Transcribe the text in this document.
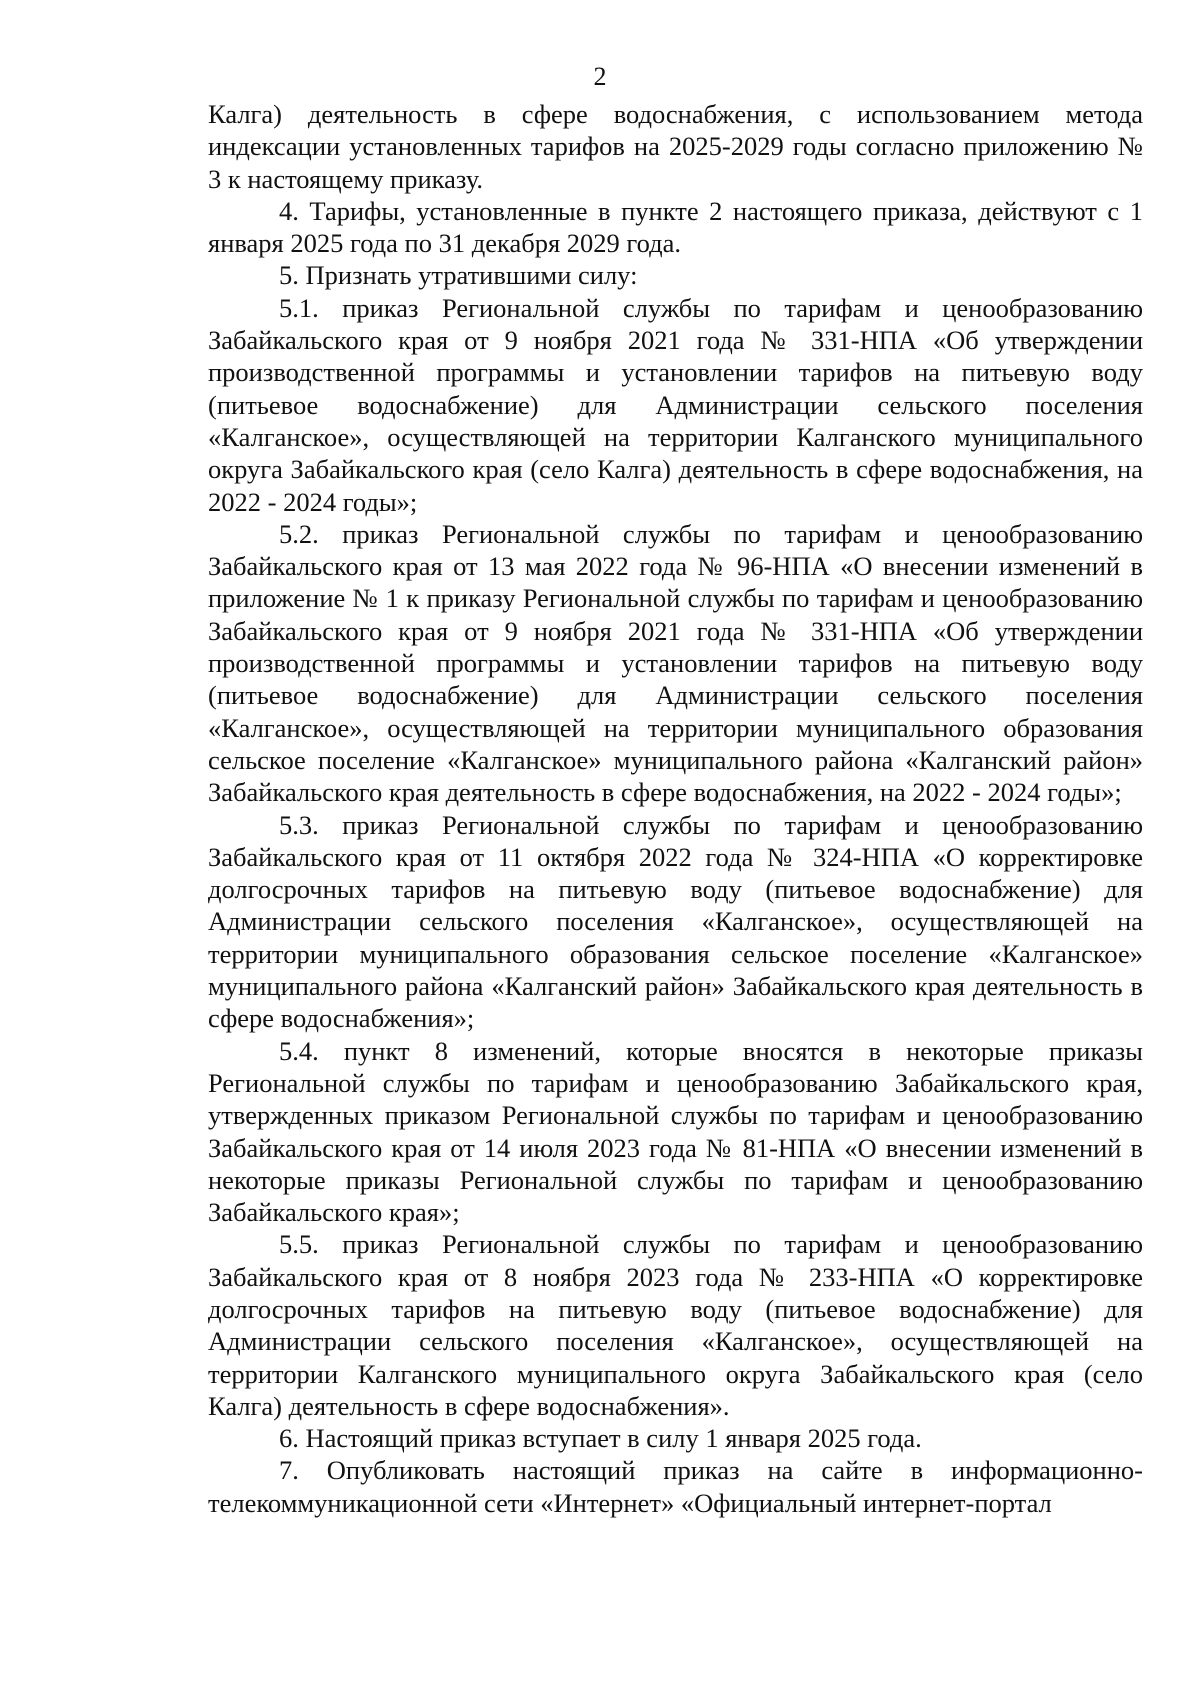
2

Калга) деятельность в сфере водоснабжения, с использованием метода индексации установленных тарифов на 2025-2029 годы согласно приложению № 3 к настоящему приказу.

4. Тарифы, установленные в пункте 2 настоящего приказа, действуют с 1 января 2025 года по 31 декабря 2029 года.

5. Признать утратившими силу:

5.1. приказ Региональной службы по тарифам и ценообразованию Забайкальского края от 9 ноября 2021 года № 331-НПА «Об утверждении производственной программы и установлении тарифов на питьевую воду (питьевое водоснабжение) для Администрации сельского поселения «Калганское», осуществляющей на территории Калганского муниципального округа Забайкальского края (село Калга) деятельность в сфере водоснабжения, на 2022 - 2024 годы»;

5.2. приказ Региональной службы по тарифам и ценообразованию Забайкальского края от 13 мая 2022 года № 96-НПА «О внесении изменений в приложение № 1 к приказу Региональной службы по тарифам и ценообразованию Забайкальского края от 9 ноября 2021 года № 331-НПА «Об утверждении производственной программы и установлении тарифов на питьевую воду (питьевое водоснабжение) для Администрации сельского поселения «Калганское», осуществляющей на территории муниципального образования сельское поселение «Калганское» муниципального района «Калганский район» Забайкальского края деятельность в сфере водоснабжения, на 2022 - 2024 годы»;

5.3. приказ Региональной службы по тарифам и ценообразованию Забайкальского края от 11 октября 2022 года № 324-НПА «О корректировке долгосрочных тарифов на питьевую воду (питьевое водоснабжение) для Администрации сельского поселения «Калганское», осуществляющей на территории муниципального образования сельское поселение «Калганское» муниципального района «Калганский район» Забайкальского края деятельность в сфере водоснабжения»;

5.4. пункт 8 изменений, которые вносятся в некоторые приказы Региональной службы по тарифам и ценообразованию Забайкальского края, утвержденных приказом Региональной службы по тарифам и ценообразованию Забайкальского края от 14 июля 2023 года № 81-НПА «О внесении изменений в некоторые приказы Региональной службы по тарифам и ценообразованию Забайкальского края»;

5.5. приказ Региональной службы по тарифам и ценообразованию Забайкальского края от 8 ноября 2023 года № 233-НПА «О корректировке долгосрочных тарифов на питьевую воду (питьевое водоснабжение) для Администрации сельского поселения «Калганское», осуществляющей на территории Калганского муниципального округа Забайкальского края (село Калга) деятельность в сфере водоснабжения».

6. Настоящий приказ вступает в силу 1 января 2025 года.

7. Опубликовать настоящий приказ на сайте в информационно-телекоммуникационной сети «Интернет» «Официальный интернет-портал
